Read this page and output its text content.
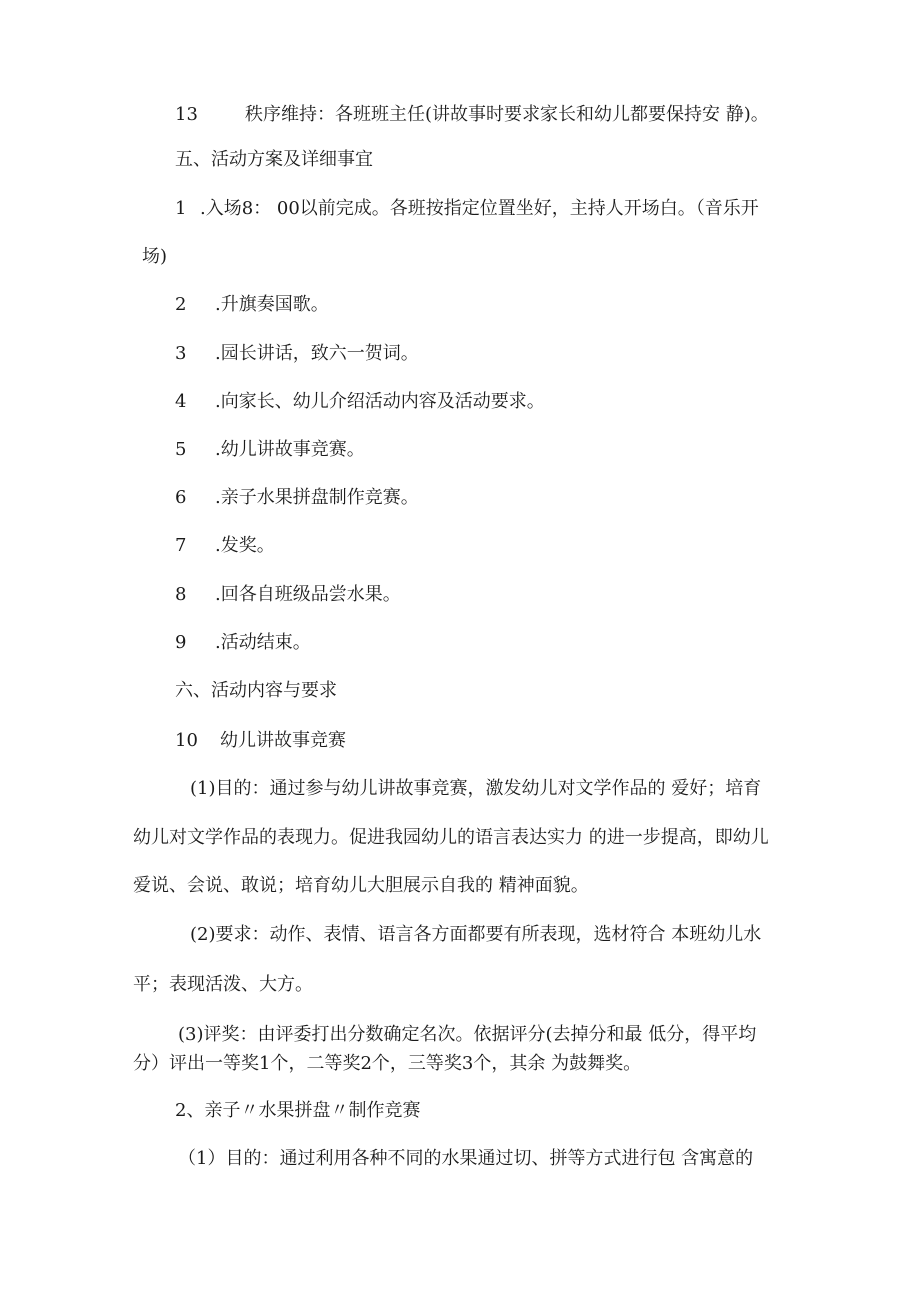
13	秩序维持：各班班主任(讲故事时要求家长和幼儿都要保持安 静)。
五、活动方案及详细事宜
1 .入场8： 00以前完成。各班按指定位置坐好，主持人开场白。（音乐开
场)
2 .升旗奏国歌。
3 .园长讲话，致六一贺词。
4 .向家长、幼儿介绍活动内容及活动要求。
5 .幼儿讲故事竞赛。
6 .亲子水果拼盘制作竞赛。
7 .发奖。
8 .回各自班级品尝水果。
9 .活动结束。
六、活动内容与要求
10 幼儿讲故事竞赛
(1)目的：通过参与幼儿讲故事竞赛，激发幼儿对文学作品的 爱好；培育
幼儿对文学作品的表现力。促进我园幼儿的语言表达实力 的进一步提高，即幼儿
爱说、会说、敢说；培育幼儿大胆展示自我的 精神面貌。
(2)要求：动作、表情、语言各方面都要有所表现，选材符合 本班幼儿水
平；表现活泼、大方。
(3)评奖：由评委打出分数确定名次。依据评分(去掉分和最 低分，得平均
分）评出一等奖1个，二等奖2个，三等奖3个，其余 为鼓舞奖。
2、亲子〃水果拼盘〃制作竞赛
（1）目的：通过利用各种不同的水果通过切、拼等方式进行包 含寓意的
